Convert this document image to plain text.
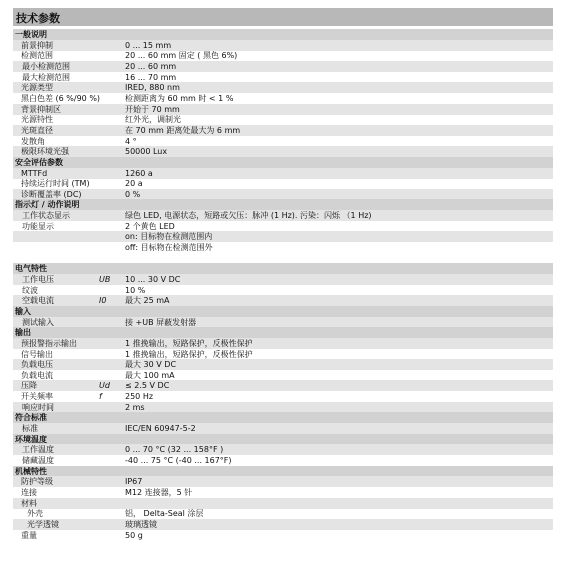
技术参数
一般说明
前景抑制	0 ... 15 mm
检测范围	20 ... 60 mm 固定 ( 黑色 6%)
最小检测范围	20 ... 60 mm
最大检测范围	16 ... 70 mm
光源类型	IRED, 880 nm
黑白色差 (6 %/90 %)	检测距离为 60 mm 时 < 1 %
背景抑制区	开始于 70 mm
光源特性	红外光，调制光
光斑直径	在 70 mm 距离处最大为 6 mm
发散角	4 °
极限环境光强	50000 Lux
安全评估参数
MTTFd	1260 a
持续运行时间 (TM)	20 a
诊断覆盖率 (DC)	0 %
指示灯 / 动作说明
工作状态显示	绿色 LED, 电源状态，短路或欠压：脉冲 (1 Hz). 污染：闪烁 （1 Hz)
功能显示	2 个黄色 LED
on: 目标物在检测范围内
off: 目标物在检测范围外
电气特性
工作电压	UB 10 ... 30 V DC
纹波	10 %
空载电流	I0 最大 25 mA
输入
测试输入	接 +UB 屏蔽发射器
输出
预报警指示输出	1 推挽输出，短路保护，反极性保护
信号输出	1 推挽输出，短路保护，反极性保护
负载电压	最大 30 V DC
负载电流	最大 100 mA
压降	Ud ≤ 2.5 V DC
开关频率	f	250 Hz
响应时间	2 ms
符合标准
标准	IEC/EN 60947-5-2
环境温度
工作温度	0 ... 70 °C (32 ... 158°F )
储藏温度	-40 ... 75 °C (-40 ... 167°F)
机械特性
防护等级	IP67
连接	M12 连接器，5 针
材料
外壳	铝， Delta-Seal 涂层
光学透镜	玻璃透镜
重量	50 g
